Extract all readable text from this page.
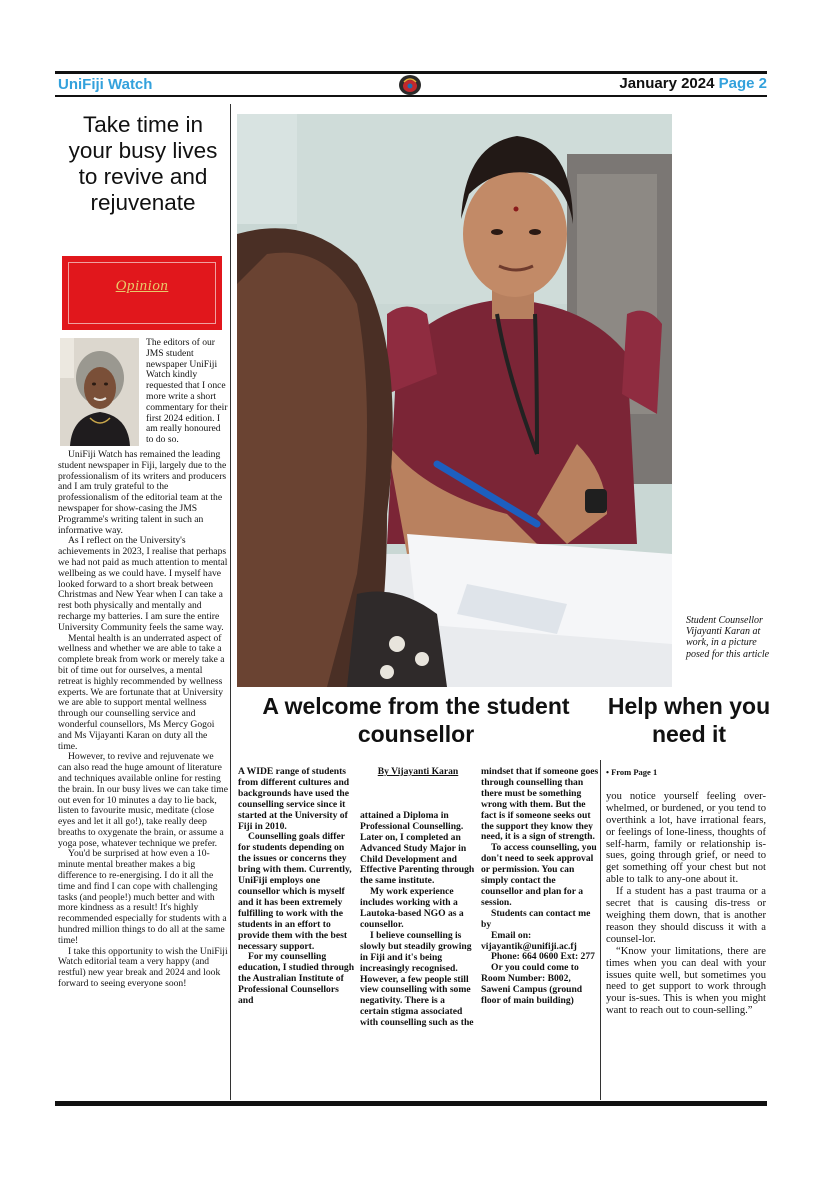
UniFiji Watch	January 2024 Page 2
Take time in your busy lives to revive and rejuvenate
Opinion

The editors of our JMS student newspaper UniFiji Watch kindly requested that I once more write a short commentary for their first 2024 edition. I am really honoured to do so.

UniFiji Watch has remained the leading student newspaper in Fiji, largely due to the professionalism of its writers and producers and I am truly grateful to the professionalism of the editorial team at the newspaper for show-casing the JMS Programme's writing talent in such an informative way.

As I reflect on the University's achievements in 2023, I realise that perhaps we had not paid as much attention to mental wellbeing as we could have. I myself have looked forward to a short break between Christmas and New Year when I can take a rest both physically and mentally and recharge my batteries. I am sure the entire University Community feels the same way.

Mental health is an underrated aspect of wellness and whether we are able to take a complete break from work or merely take a bit of time out for ourselves, a mental retreat is highly recommended by wellness experts. We are fortunate that at University we are able to support mental wellness through our counselling service and wonderful counsellors, Ms Mercy Gogoi and Ms Vijayanti Karan on duty all the time.

However, to revive and rejuvenate we can also read the huge amount of literature and techniques available online for resting the brain. In our busy lives we can take time out even for 10 minutes a day to lie back, listen to favourite music, meditate (close eyes and let it all go!), take really deep breaths to oxygenate the brain, or assume a yoga pose, whatever technique we prefer.

You'd be surprised at how even a 10-minute mental breather makes a big difference to re-energising. I do it all the time and find I can cope with challenging tasks (and people!) much better and with more kindness as a result! It's highly recommended especially for students with a hundred million things to do all at the same time!

I take this opportunity to wish the UniFiji Watch editorial team a very happy (and restful) new year break and 2024 and look forward to seeing everyone soon!

Student Counsellor Vijayanti Karan at work, in a picture posed for this article
A welcome from the student counsellor

A WIDE range of students from different cultures and backgrounds have used the counselling service since it started at the University of Fiji in 2010.

Counselling goals differ for students depending on the issues or concerns they bring with them. Currently, UniFiji employs one counsellor which is myself and it has been extremely fulfilling to work with the students in an effort to provide them with the best necessary support.

For my counselling education, I studied through the Australian Institute of Professional Counsellors and

By Vijayanti Karan

attained a Diploma in Professional Counselling. Later on, I completed an Advanced Study Major in Child Development and Effective Parenting through the same institute.

My work experience includes working with a Lautoka-based NGO as a counsellor.

I believe counselling is slowly but steadily growing in Fiji and it's being increasingly recognised. However, a few people still view counselling with some negativity. There is a certain stigma associated with counselling such as the

mindset that if someone goes through counselling than there must be something wrong with them. But the fact is if someone seeks out the support they know they need, it is a sign of strength.

To access counselling, you don't need to seek approval or permission. You can simply contact the counsellor and plan for a session.

Students can contact me by

Email on: vijayantik@unifiji.ac.fj

Phone: 664 0600 Ext: 277

Or you could come to Room Number: B002, Saweni Campus (ground floor of main building)

Help when you need it

• From Page 1

you notice yourself feeling over-whelmed, or burdened, or you tend to overthink a lot, have irrational fears, or feelings of lone-liness, thoughts of self-harm, family or relationship is-sues, going through grief, or need to get something off your chest but not able to talk to any-one about it.

If a student has a past trauma or a secret that is causing dis-tress or weighing them down, that is another reason they should discuss it with a counsel-lor.

“Know your limitations, there are times when you can deal with your issues quite well, but sometimes you need to get support to work through your is-sues. This is when you might want to reach out to coun-selling.”
